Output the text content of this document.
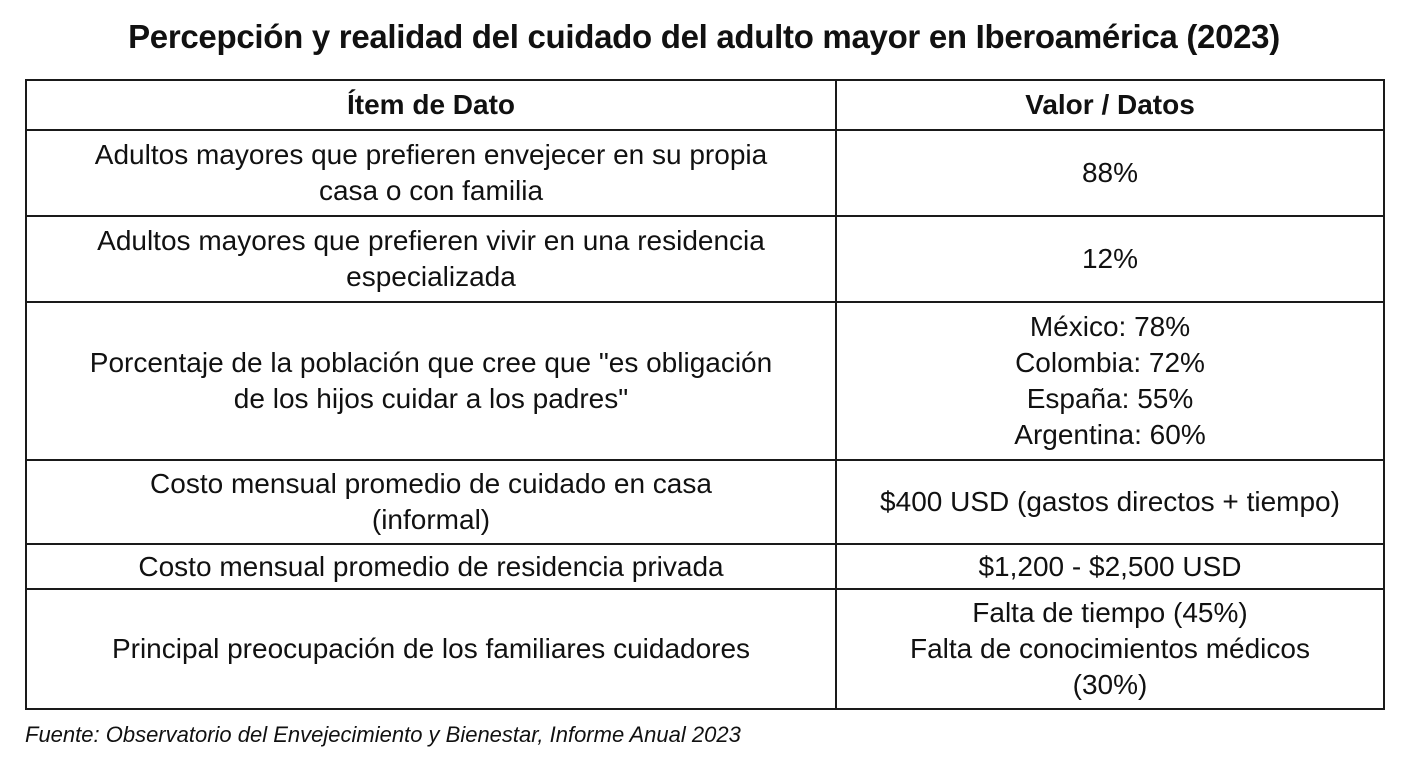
Percepción y realidad del cuidado del adulto mayor en Iberoamérica (2023)
Ítem de Dato	Valor / Datos

Adultos mayores que prefieren envejecer en su propia
casa o con familia	88%

Adultos mayores que prefieren vivir en una residencia
especializada	12%

Porcentaje de la población que cree que "es obligación
de los hijos cuidar a los padres"	México: 78%
Colombia: 72%
España: 55%
Argentina: 60%

Costo mensual promedio de cuidado en casa
(informal)	$400 USD (gastos directos + tiempo)

Costo mensual promedio de residencia privada	$1,200 - $2,500 USD

Principal preocupación de los familiares cuidadores	Falta de tiempo (45%)
Falta de conocimientos médicos
(30%)
Fuente: Observatorio del Envejecimiento y Bienestar, Informe Anual 2023
